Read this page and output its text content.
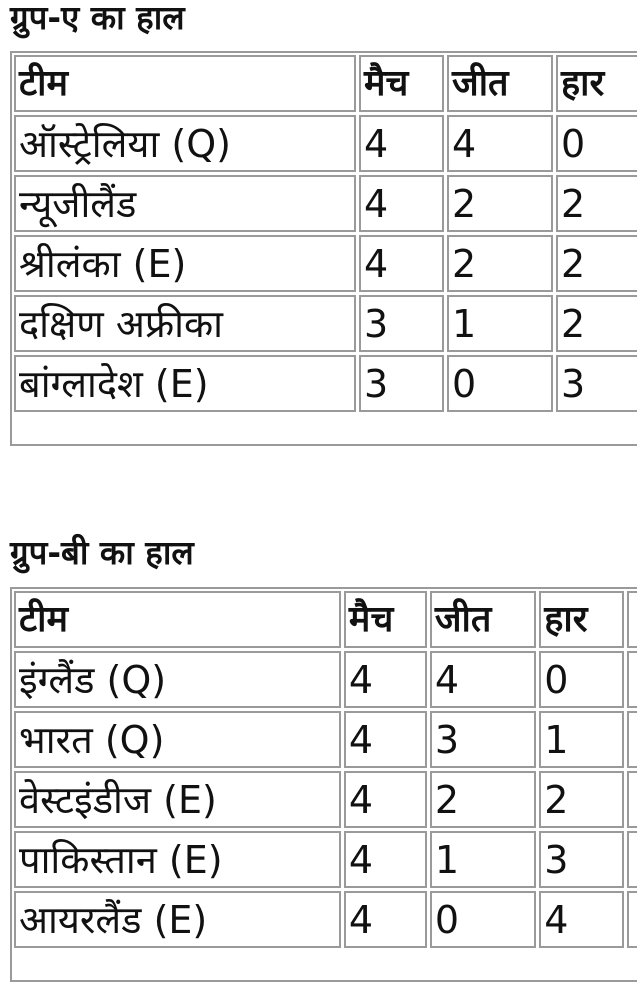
ग्रुप-ए का हाल
टीम	मैच	जीत	हार
ऑस्ट्रेलिया (Q)	4	4	0
न्यूजीलैंड	4	2	2
श्रीलंका (E)	4	2	2
दक्षिण अफ्रीका	3	1	2
बांग्लादेश (E)	3	0	3
ग्रुप-बी का हाल
टीम	मैच	जीत	हार	
इंग्लैंड (Q)	4	4	0	
भारत (Q)	4	3	1	
वेस्टइंडीज (E)	4	2	2	
पाकिस्तान (E)	4	1	3	
आयरलैंड (E)	4	0	4	
